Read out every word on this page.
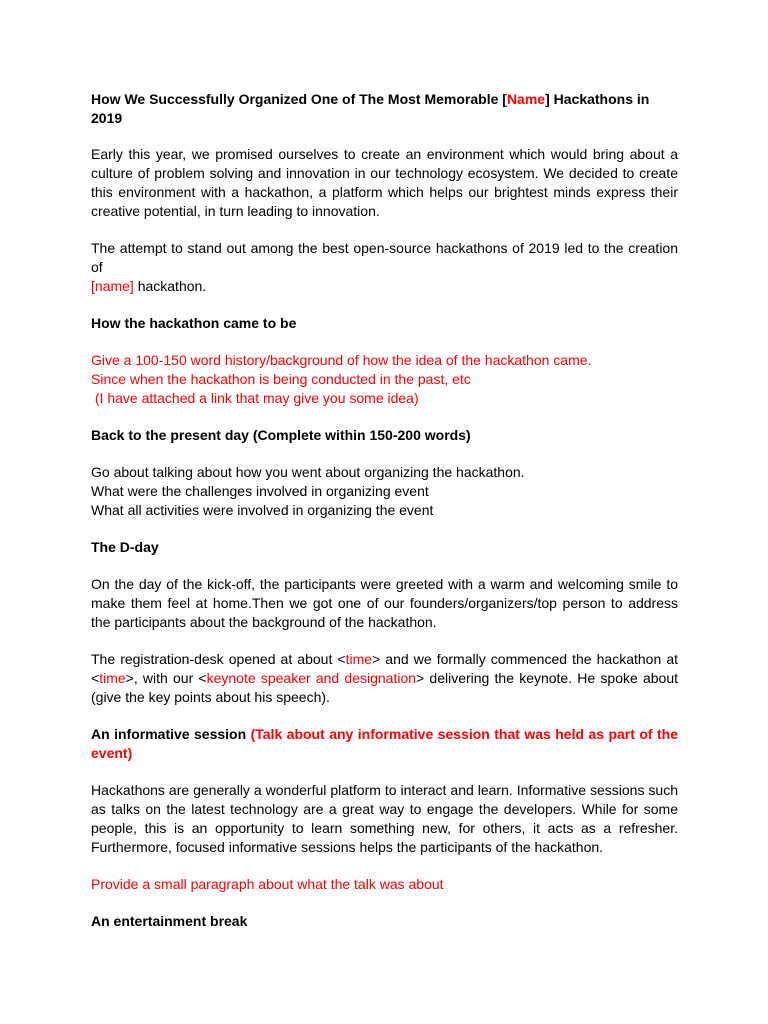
How We Successfully Organized One of The Most Memorable [Name] Hackathons in 2019

Early this year, we promised ourselves to create an environment which would bring about a culture of problem solving and innovation in our technology ecosystem. We decided to create this environment with a hackathon, a platform which helps our brightest minds express their creative potential, in turn leading to innovation.

The attempt to stand out among the best open-source hackathons of 2019 led to the creation of
[name] hackathon.

How the hackathon came to be

Give a 100-150 word history/background of how the idea of the hackathon came.
Since when the hackathon is being conducted in the past, etc
(I have attached a link that may give you some idea)

Back to the present day (Complete within 150-200 words)

Go about talking about how you went about organizing the hackathon.
What were the challenges involved in organizing event
What all activities were involved in organizing the event

The D-day

On the day of the kick-off, the participants were greeted with a warm and welcoming smile to make them feel at home.Then we got one of our founders/organizers/top person to address the participants about the background of the hackathon.

The registration-desk opened at about <time> and we formally commenced the hackathon at <time>, with our <keynote speaker and designation> delivering the keynote. He spoke about (give the key points about his speech).

An informative session (Talk about any informative session that was held as part of the event)

Hackathons are generally a wonderful platform to interact and learn. Informative sessions such as talks on the latest technology are a great way to engage the developers. While for some people, this is an opportunity to learn something new, for others, it acts as a refresher. Furthermore, focused informative sessions helps the participants of the hackathon.

Provide a small paragraph about what the talk was about

An entertainment break
